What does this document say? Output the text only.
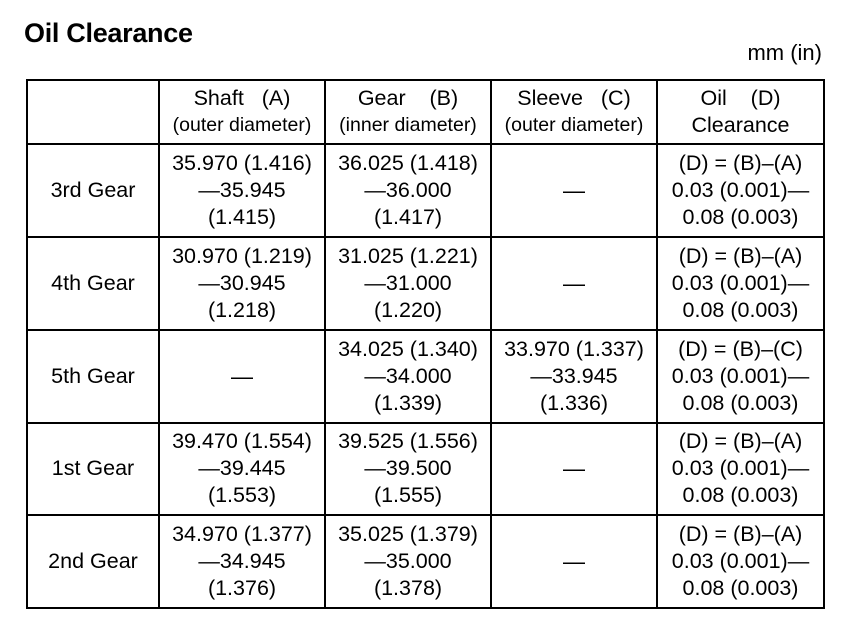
Oil Clearance
mm (in)

	Shaft   (A)
(outer diameter)	Gear    (B)
(inner diameter)	Sleeve   (C)
(outer diameter)	Oil    (D)
Clearance

3rd Gear	35.970 (1.416)
—35.945
(1.415)	36.025 (1.418)
—36.000
(1.417)	—	(D) = (B)–(A)
0.03 (0.001)—
0.08 (0.003)

4th Gear	30.970 (1.219)
—30.945
(1.218)	31.025 (1.221)
—31.000
(1.220)	—	(D) = (B)–(A)
0.03 (0.001)—
0.08 (0.003)

5th Gear	—	34.025 (1.340)
—34.000
(1.339)	33.970 (1.337)
—33.945
(1.336)	(D) = (B)–(C)
0.03 (0.001)—
0.08 (0.003)

1st Gear	39.470 (1.554)
—39.445
(1.553)	39.525 (1.556)
—39.500
(1.555)	—	(D) = (B)–(A)
0.03 (0.001)—
0.08 (0.003)

2nd Gear	34.970 (1.377)
—34.945
(1.376)	35.025 (1.379)
—35.000
(1.378)	—	(D) = (B)–(A)
0.03 (0.001)—
0.08 (0.003)
